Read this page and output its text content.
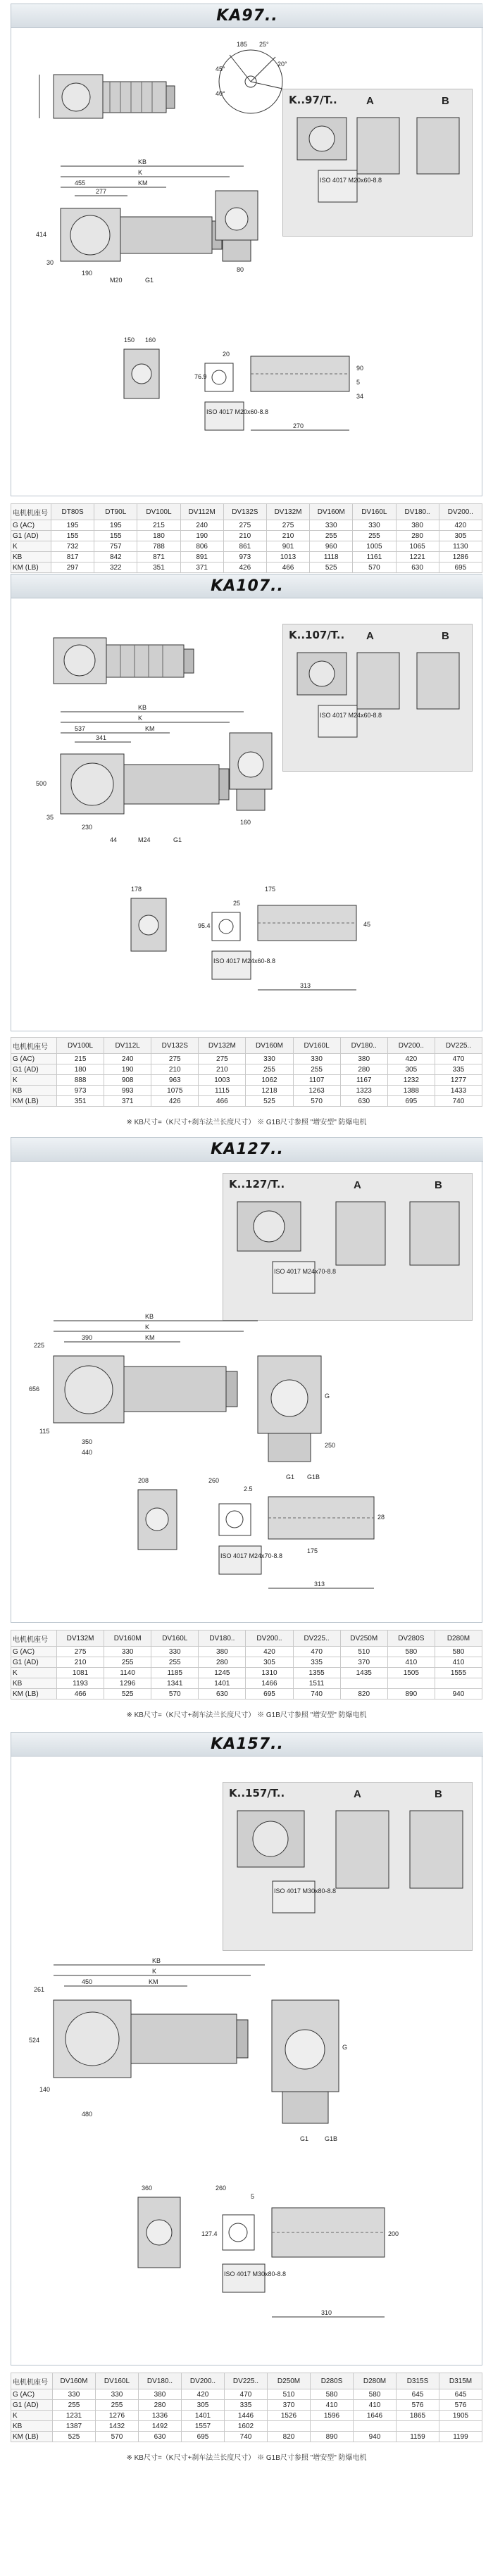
KA97..
185 25°
20°
45°
40°	K..97/T..	A	B
ISO 4017 M20x60-8.8
KB
K
455	KM
277
414
190
30
G1
M20
80
150 160
76.9
20
90
5
34
270
ISO 4017 M20x60-8.8
电机机座号	DT80S	DT90L	DV100L	DV112M	DV132S	DV132M	DV160M	DV160L	DV180..	DV200..
G (AC)	195	195	215	240	275	275	330	330	380	420
G1 (AD)	155	155	180	190	210	210	255	255	280	305
K	732	757	788	806	861	901	960	1005	1065	1130
KB	817	842	871	891	973	1013	1118	1161	1221	1286
KM (LB)	297	322	351	371	426	466	525	570	630	695
KA107..
K..107/T.. A	B
ISO 4017 M24x60-8.8
KB
K
537	KM
341
500
230
35
G1
M24
44
160
178
95.4
25
175
45
313
ISO 4017 M24x60-8.8
电机机座号	DV100L	DV112L	DV132S	DV132M	DV160M	DV160L	DV180..	DV200..	DV225..
G (AC)	215	240	275	275	330	330	380	420	470
G1 (AD)	180	190	210	210	255	255	280	305	335
K	888	908	963	1003	1062	1107	1167	1232	1277
KB	973	993	1075	1115	1218	1263	1323	1388	1433
KM (LB)	351	371	426	466	525	570	630	695	740
※ KB尺寸=（K尺寸+刹车法兰长度尺寸） ※ G1B尺寸参照 "增安型" 防爆电机
KA127..
K..127/T..	A	B
ISO 4017 M24x70-8.8
KB
K
225
390	KM
656
115
440
350
G
G1 G1B
250
208	260
2.5
28
175
313
ISO 4017 M24x70-8.8
电机机座号	DV132M	DV160M	DV160L	DV180..	DV200..	DV225..	DV250M	DV280S	D280M
G (AC)	275	330	330	380	420	470	510	580	580
G1 (AD)	210	255	255	280	305	335	370	410	410
K	1081	1140	1185	1245	1310	1355	1435	1505	1555
KB	1193	1296	1341	1401	1466	1511			
KM (LB)	466	525	570	630	695	740	820	890	940
※ KB尺寸=（K尺寸+刹车法兰长度尺寸） ※ G1B尺寸参照 "增安型" 防爆电机
KA157..
K..157/T..	A	B
ISO 4017 M30x80-8.8
KB
K
261
450	KM
524
140
480
G
G1	G1B
360	260
5
127.4	200
310
ISO 4017 M30x80-8.8
电机机座号	DV160M	DV160L	DV180..	DV200..	DV225..	D250M	D280S	D280M	D315S	D315M
G (AC)	330	330	380	420	470	510	580	580	645	645
G1 (AD)	255	255	280	305	335	370	410	410	576	576
K	1231	1276	1336	1401	1446	1526	1596	1646	1865	1905
KB	1387	1432	1492	1557	1602					
KM (LB)	525	570	630	695	740	820	890	940	1159	1199
※ KB尺寸=（K尺寸+刹车法兰长度尺寸） ※ G1B尺寸参照 "增安型" 防爆电机
